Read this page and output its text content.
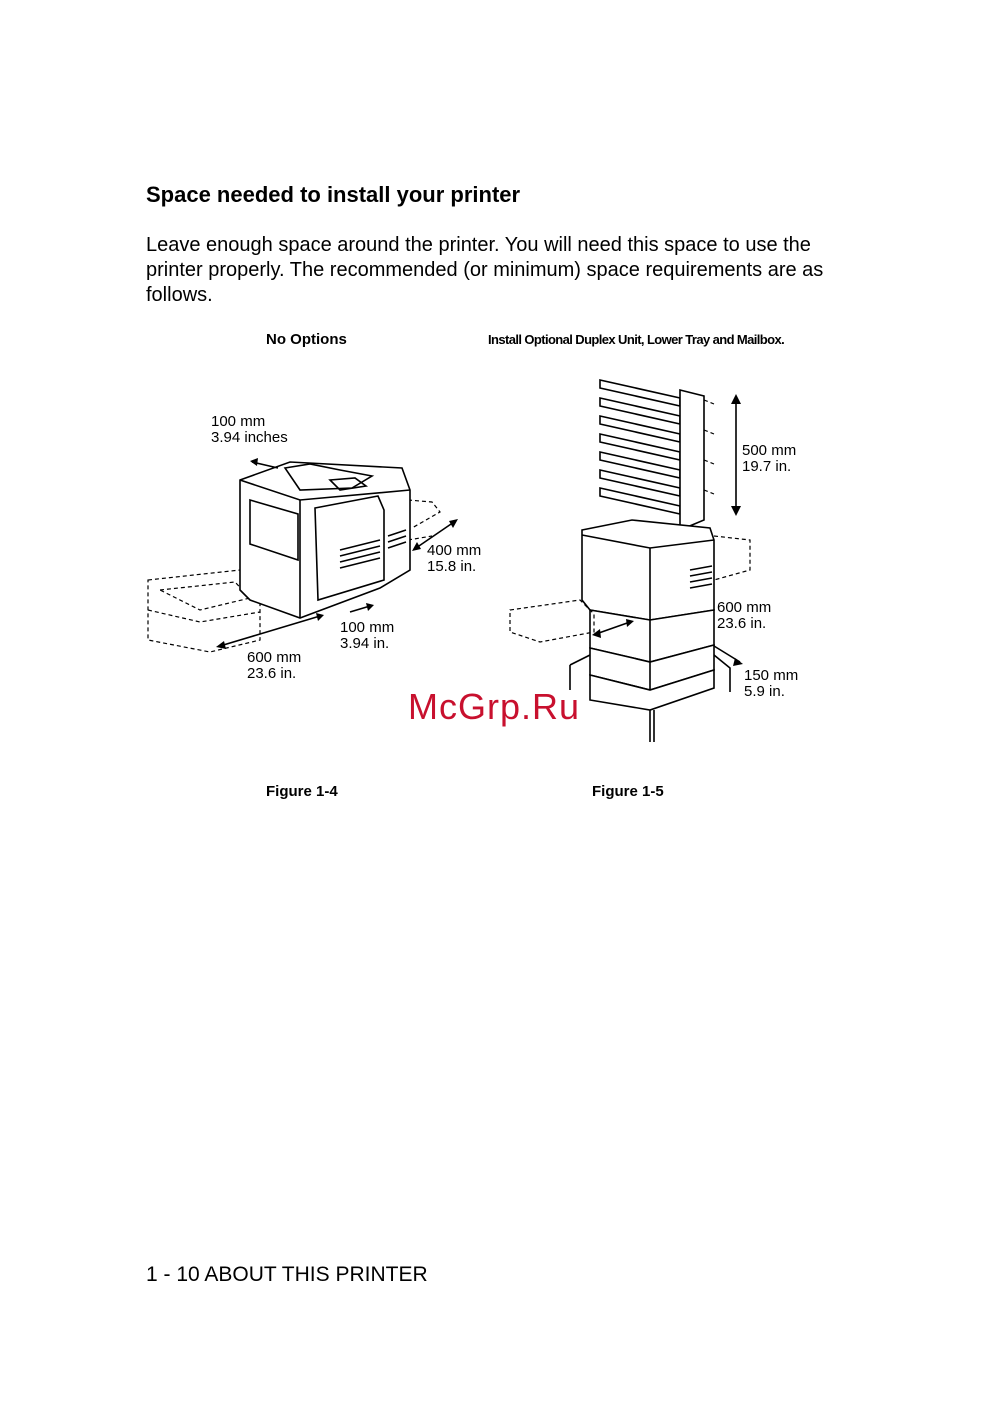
Space needed to install your printer

Leave enough space around the printer. You will need this space to use the printer properly. The recommended (or minimum) space requirements are as follows.

No Options
100 mm
3.94 inches
400 mm
15.8 in.
100 mm
3.94 in.
600 mm
23.6 in.
Figure 1-4
Install Optional Duplex Unit, Lower Tray and Mailbox.
500 mm
19.7 in.
600 mm
23.6 in.
150 mm
5.9 in.
Figure 1-5
McGrp.Ru
1 - 10 ABOUT THIS PRINTER
